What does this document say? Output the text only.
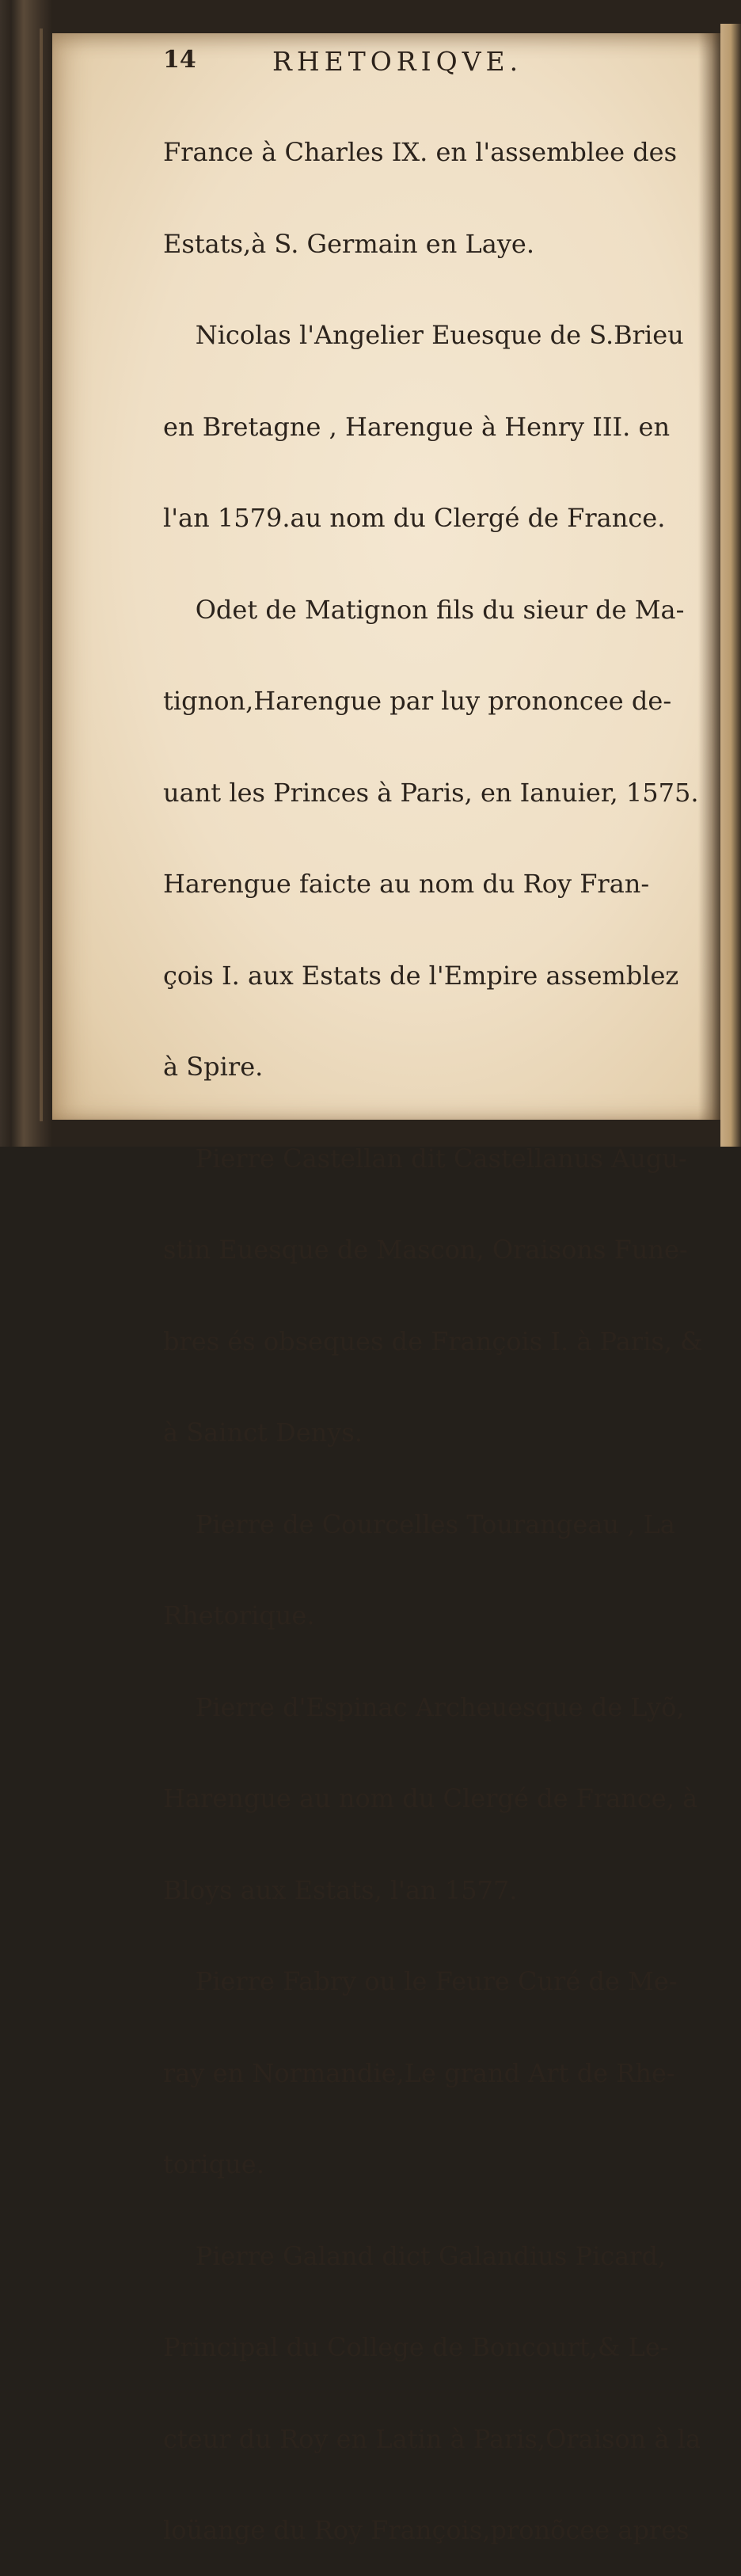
14	RHETORIQVE.

France à Charles IX. en l'assemblee des

Estats,à S. Germain en Laye.

Nicolas l'Angelier Euesque de S.Brieu

en Bretagne , Harengue à Henry III. en

l'an 1579.au nom du Clergé de France.

Odet de Matignon fils du sieur de Ma-

tignon,Harengue par luy prononcee de-

uant les Princes à Paris, en Ianuier, 1575.

Harengue faicte au nom du Roy Fran-

çois I. aux Estats de l'Empire assemblez

à Spire.

Pierre Castellan dit Castellanus Augu-

stin Euesque de Mascon, Oraisons Fune-

bres és obseques de François I. à Paris, &

à Sainct Denys.

Pierre de Courcelles Tourangeau , La

Rhetorique.

Pierre d'Espinac Archeuesque de Lyõ,

Harengue au nom du Clergé de France, à

Bloys aux Estats, l'an 1577.

Pierre Fabry ou le Feure Curé de Me-

ray en Normandie,Le grand Art de Rhe-

torique.

Pierre Galand dict Galandius Picard,

Principal du College de Boncourt,& Le-

cteur du Roy en Latin à Paris,Oraison à la

loüange du Roy François,pronõcee apres
